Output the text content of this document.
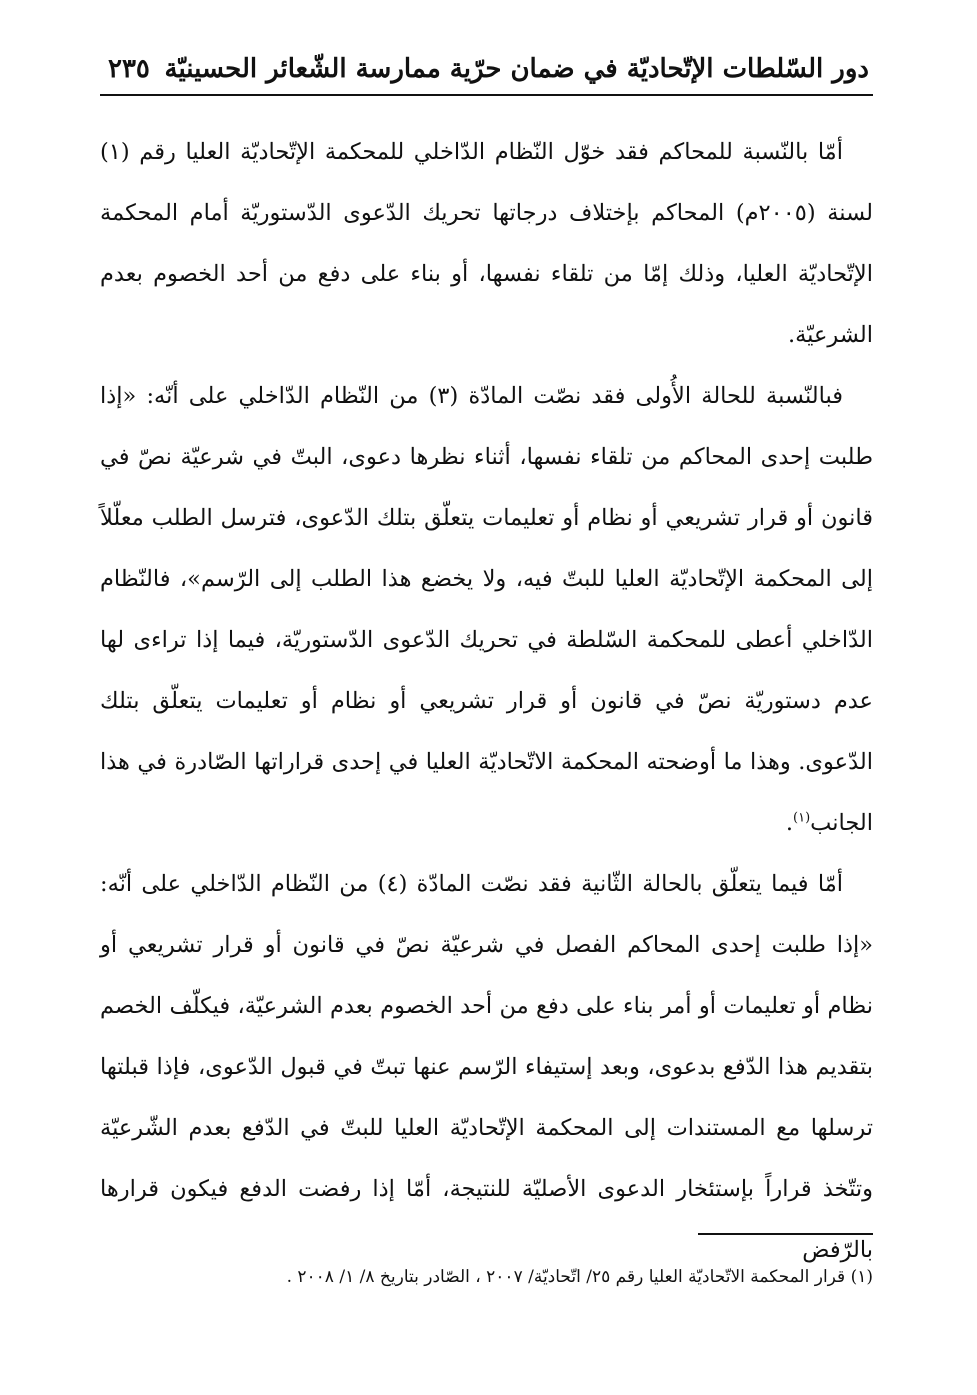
دور السّلطات الإتّحاديّة في ضمان حرّية ممارسة الشّعائر الحسينيّة
٢٣٥

أمّا بالنّسبة للمحاكم فقد خوّل النّظام الدّاخلي للمحكمة الإتّحاديّة العليا رقم (١) لسنة (٢٠٠٥م) المحاكم بإختلاف درجاتها تحريك الدّعوى الدّستوريّة أمام المحكمة الإتّحاديّة العليا، وذلك إمّا من تلقاء نفسها، أو بناء على دفع من أحد الخصوم بعدم الشرعيّة.

فبالنّسبة للحالة الأُولى فقد نصّت المادّة (٣) من النّظام الدّاخلي على أنّه: «إذا طلبت إحدى المحاكم من تلقاء نفسها، أثناء نظرها دعوى، البتّ في شرعيّة نصّ في قانون أو قرار تشريعي أو نظام أو تعليمات يتعلّق بتلك الدّعوى، فترسل الطلب معلّلاً إلى المحكمة الإتّحاديّة العليا للبتّ فيه، ولا يخضع هذا الطلب إلى الرّسم»، فالنّظام الدّاخلي أعطى للمحكمة السّلطة في تحريك الدّعوى الدّستوريّة، فيما إذا تراءى لها عدم دستوريّة نصّ في قانون أو قرار تشريعي أو نظام أو تعليمات يتعلّق بتلك الدّعوى. وهذا ما أوضحته المحكمة الاتّحاديّة العليا في إحدى قراراتها الصّادرة في هذا الجانب$^{(١)}$.

أمّا فيما يتعلّق بالحالة الثّانية فقد نصّت المادّة (٤) من النّظام الدّاخلي على أنّه: «إذا طلبت إحدى المحاكم الفصل في شرعيّة نصّ في قانون أو قرار تشريعي أو نظام أو تعليمات أو أمر بناء على دفع من أحد الخصوم بعدم الشرعيّة، فيكلّف الخصم بتقديم هذا الدّفع بدعوى، وبعد إستيفاء الرّسم عنها تبتّ في قبول الدّعوى، فإذا قبلتها ترسلها مع المستندات إلى المحكمة الإتّحاديّة العليا للبتّ في الدّفع بعدم الشّرعيّة وتتّخذ قراراً بإستئخار الدعوى الأصليّة للنتيجة، أمّا إذا رفضت الدفع فيكون قرارها بالرّفض

(١) قرار المحكمة الاتّحاديّة العليا رقم ٢٥/ اتّحاديّة/ ٢٠٠٧ ، الصّادر بتاريخ ٨/ ١/ ٢٠٠٨ .
